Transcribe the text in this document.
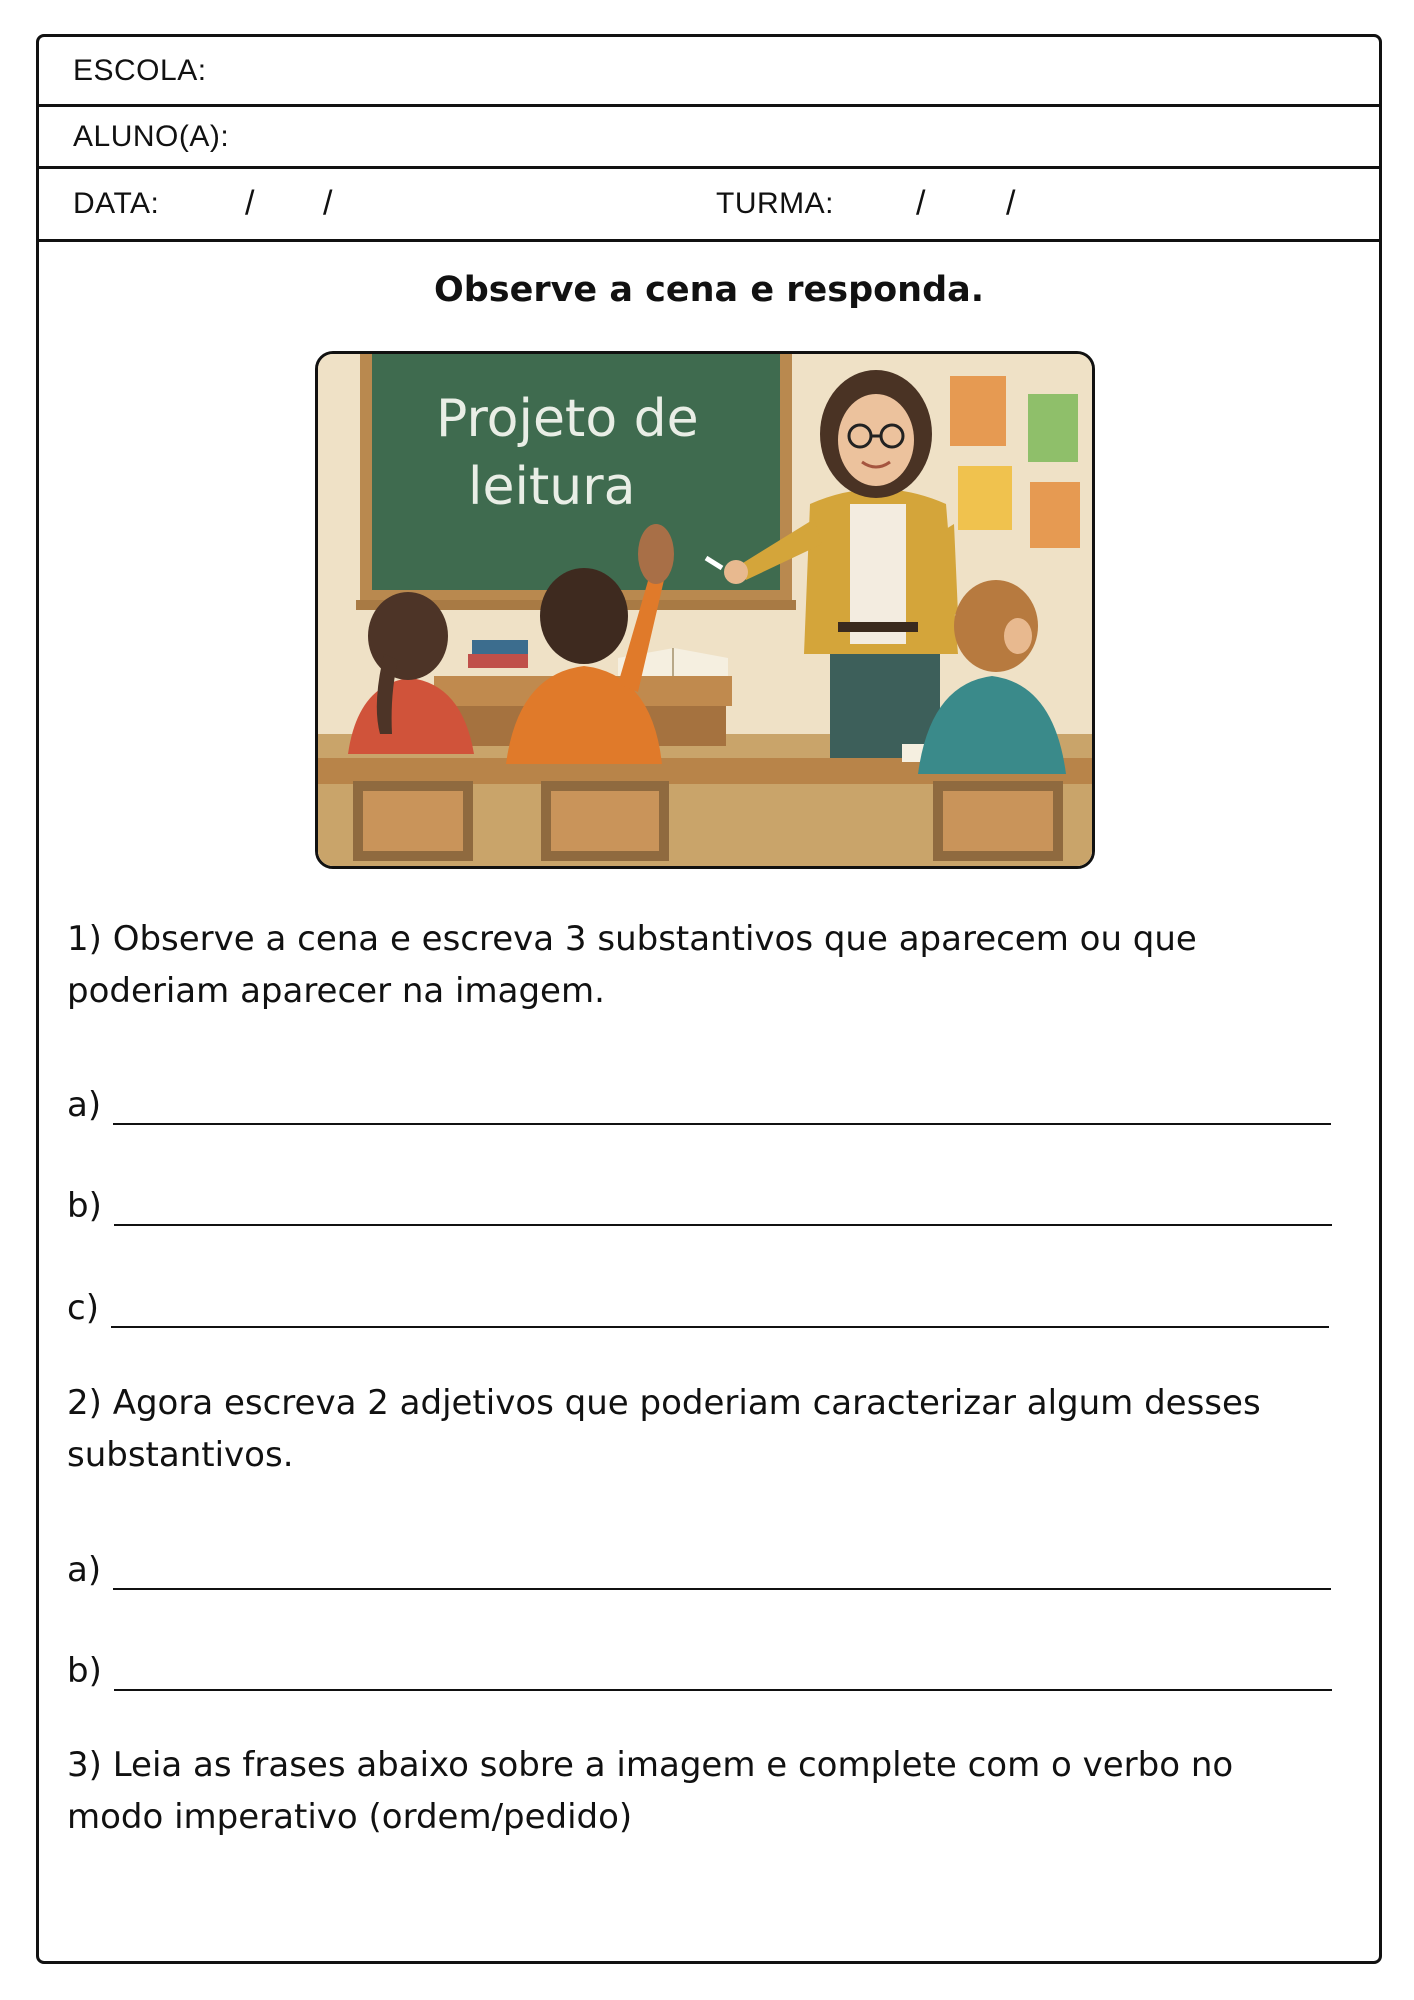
ESCOLA:
ALUNO(A):
DATA:	/ /	TURMA: / /
Observe a cena e responda.
Projeto de
leitura
1) Observe a cena e escreva 3 substantivos que aparecem ou que
poderiam aparecer na imagem.
a)
b)
c)
2) Agora escreva 2 adjetivos que poderiam caracterizar algum desses
substantivos.
a)
b)
3) Leia as frases abaixo sobre a imagem e complete com o verbo no
modo imperativo (ordem/pedido)
